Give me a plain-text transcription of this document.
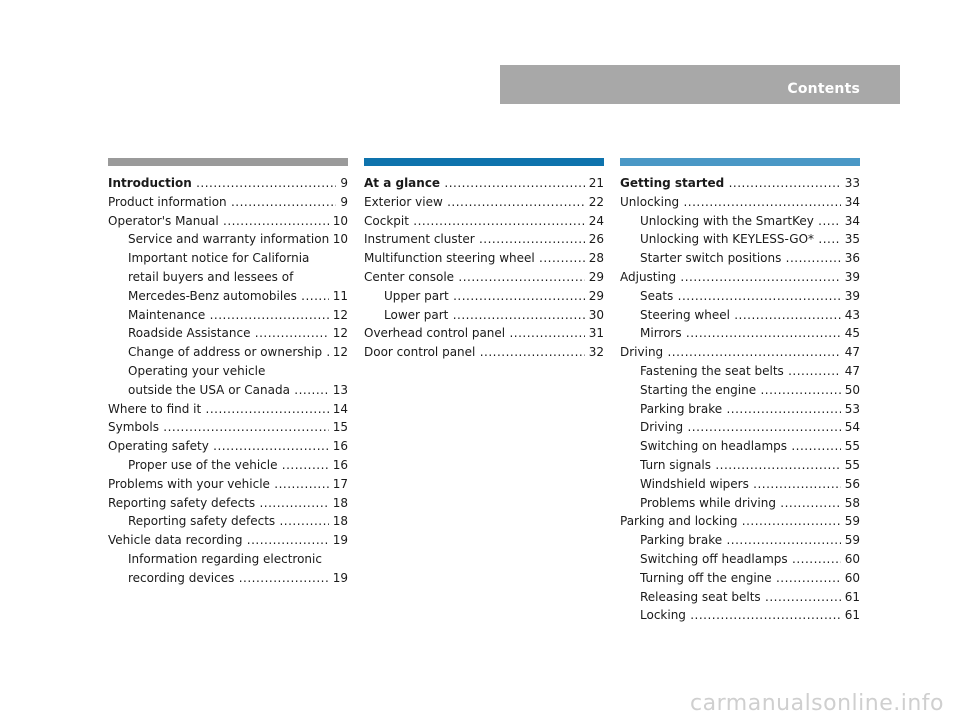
Contents
Introduction .....	9
Product information .....	9
Operator's Manual .....	10
Service and warranty information ..... 10
Important notice for California
retail buyers and lessees of
Mercedes-Benz automobiles .....	11
Maintenance .....	12
Roadside Assistance .....	12
Change of address or ownership ..... 12
Operating your vehicle
outside the USA or Canada .....	13
Where to find it .....	14
Symbols .....	15
Operating safety .....	16
Proper use of the vehicle .....	16
Problems with your vehicle .....	17
Reporting safety defects .....	18
Reporting safety defects .....	18
Vehicle data recording .....	19
Information regarding electronic
recording devices .....	19
At a glance .....	21
Exterior view .....	22
Cockpit .....	24
Instrument cluster .....	26
Multifunction steering wheel .....	28
Center console .....	29
Upper part .....	29
Lower part .....	30
Overhead control panel .....	31
Door control panel .....	32
Getting started .....	33
Unlocking .....	34
Unlocking with the SmartKey .....	34
Unlocking with KEYLESS-GO* .....	35
Starter switch positions .....	36
Adjusting .....	39
Seats .....	39
Steering wheel .....	43
Mirrors .....	45
Driving .....	47
Fastening the seat belts .....	47
Starting the engine .....	50
Parking brake .....	53
Driving .....	54
Switching on headlamps .....	55
Turn signals .....	55
Windshield wipers .....	56
Problems while driving .....	58
Parking and locking .....	59
Parking brake .....	59
Switching off headlamps .....	60
Turning off the engine .....	60
Releasing seat belts .....	61
Locking .....	61
carmanualsonline.info
